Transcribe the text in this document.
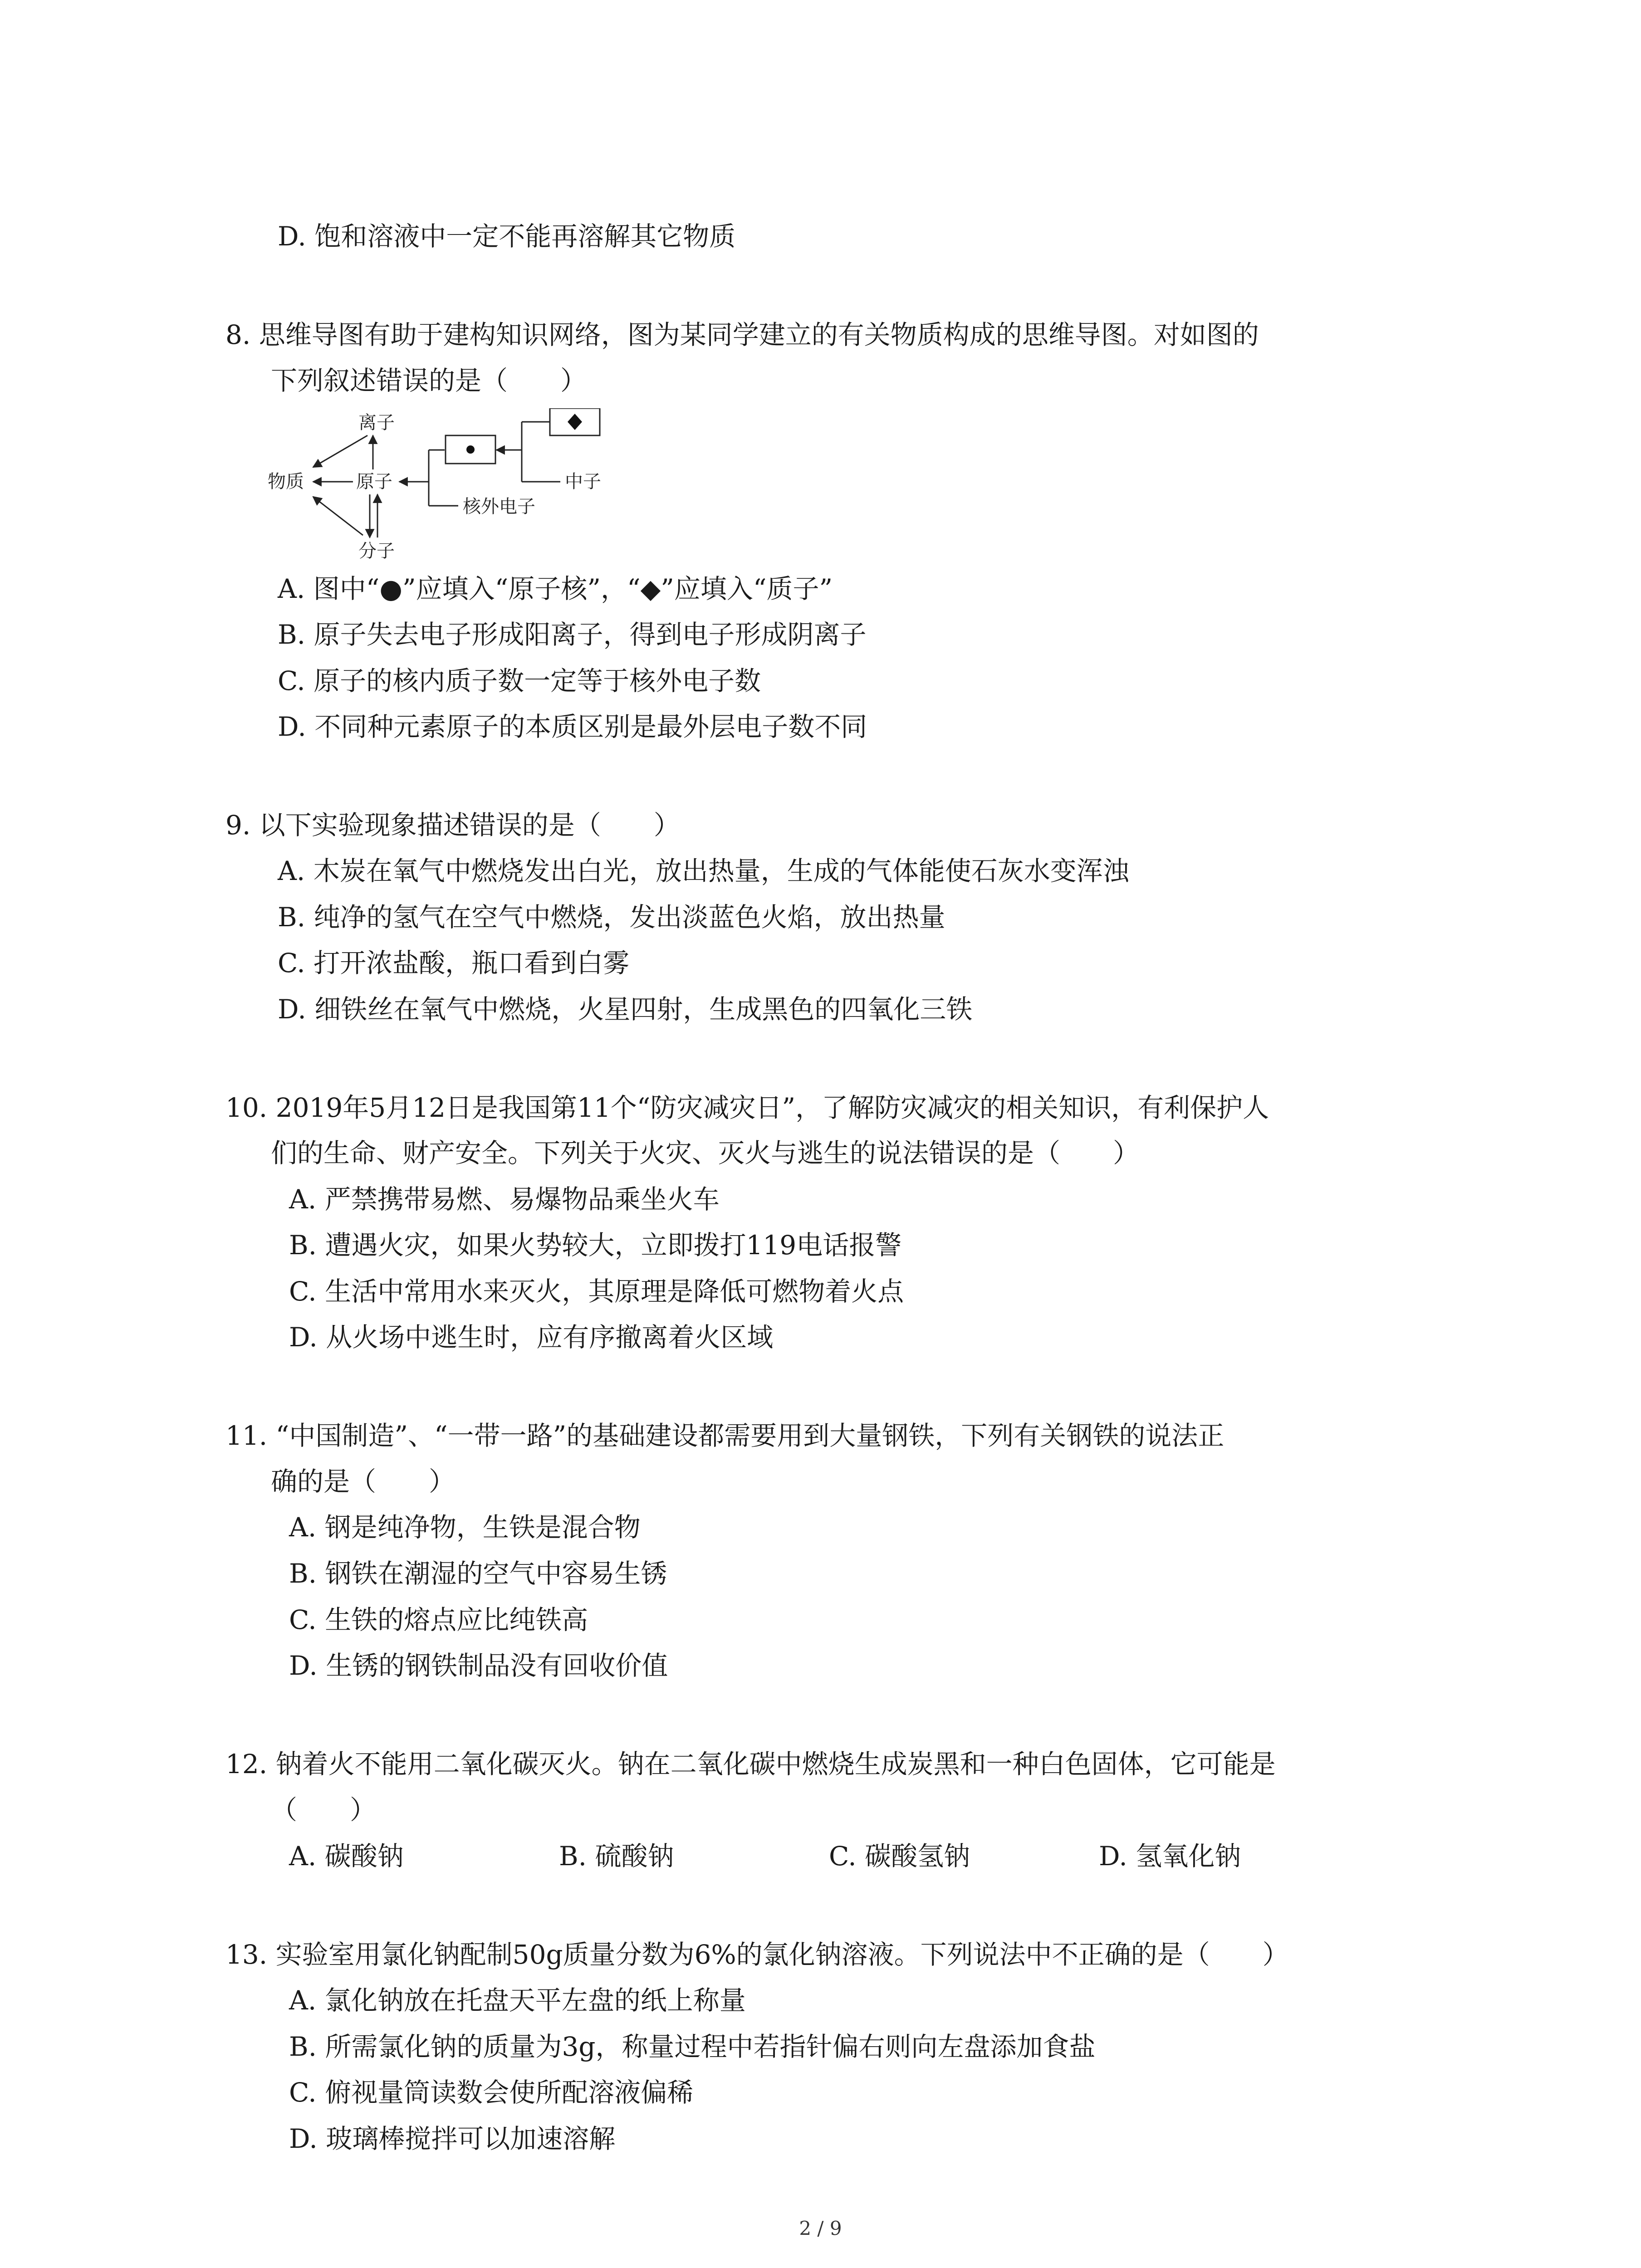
D. 饱和溶液中一定不能再溶解其它物质
8. 思维导图有助于建构知识网络，图为某同学建立的有关物质构成的思维导图。对如图的
下列叙述错误的是（　　）
物质
离子
原子
分子
核外电子
中子
A. 图中“●”应填入“原子核”，“◆”应填入“质子”
B. 原子失去电子形成阳离子，得到电子形成阴离子
C. 原子的核内质子数一定等于核外电子数
D. 不同种元素原子的本质区别是最外层电子数不同
9. 以下实验现象描述错误的是（　　）
A. 木炭在氧气中燃烧发出白光，放出热量，生成的气体能使石灰水变浑浊
B. 纯净的氢气在空气中燃烧，发出淡蓝色火焰，放出热量
C. 打开浓盐酸，瓶口看到白雾
D. 细铁丝在氧气中燃烧，火星四射，生成黑色的四氧化三铁
10. 2019年5月12日是我国第11个“防灾减灾日”，了解防灾减灾的相关知识，有利保护人
们的生命、财产安全。下列关于火灾、灭火与逃生的说法错误的是（　　）
A. 严禁携带易燃、易爆物品乘坐火车
B. 遭遇火灾，如果火势较大，立即拨打119电话报警
C. 生活中常用水来灭火，其原理是降低可燃物着火点
D. 从火场中逃生时，应有序撤离着火区域
11. “中国制造”、“一带一路”的基础建设都需要用到大量钢铁，下列有关钢铁的说法正
确的是（　　）
A. 钢是纯净物，生铁是混合物
B. 钢铁在潮湿的空气中容易生锈
C. 生铁的熔点应比纯铁高
D. 生锈的钢铁制品没有回收价值
12. 钠着火不能用二氧化碳灭火。钠在二氧化碳中燃烧生成炭黑和一种白色固体，它可能是
（　　）
A. 碳酸钠	B. 硫酸钠	C. 碳酸氢钠	D. 氢氧化钠
13. 实验室用氯化钠配制50g质量分数为6%的氯化钠溶液。下列说法中不正确的是（　　）
A. 氯化钠放在托盘天平左盘的纸上称量
B. 所需氯化钠的质量为3g，称量过程中若指针偏右则向左盘添加食盐
C. 俯视量筒读数会使所配溶液偏稀
D. 玻璃棒搅拌可以加速溶解
2 / 9
